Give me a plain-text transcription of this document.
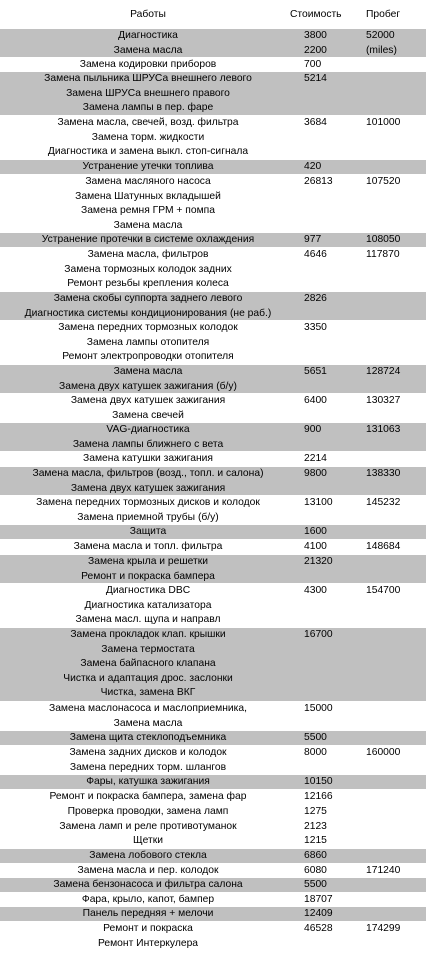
Работы	Стоимость	Пробег
Диагностика	3800	52000
Замена масла	2200	(miles)
Замена кодировки приборов	700
Замена пыльника ШРУСа внешнего левого	5214
Замена ШРУСа внешнего правого
Замена лампы в пер. фаре
Замена масла, свечей, возд. фильтра	3684	101000
Замена торм. жидкости
Диагностика и замена выкл. стоп-сигнала
Устранение утечки топлива	420
Замена масляного насоса	26813	107520
Замена Шатунных вкладышей
Замена ремня ГРМ + помпа
Замена масла
Устранение протечки в системе охлаждения	977	108050
Замена масла, фильтров	4646	117870
Замена тормозных колодок задних
Ремонт резьбы крепления колеса
Замена скобы суппорта заднего левого	2826
Диагностика системы кондиционирования (не раб.)
Замена передних тормозных колодок	3350
Замена лампы отопителя
Ремонт электропроводки отопителя
Замена масла	5651	128724
Замена двух катушек зажигания (б/у)
Замена двух катушек зажигания	6400	130327
Замена свечей
VAG-диагностика	900	131063
Замена лампы ближнего с вета
Замена катушки зажигания	2214
Замена масла, фильтров (возд., топл. и салона)	9800	138330
Замена двух катушек зажигания
Замена передних тормозных дисков и колодок	13100	145232
Замена приемной трубы (б/у)
Защита	1600
Замена масла и топл. фильтра	4100	148684
Замена крыла и решетки	21320
Ремонт и покраска бампера
Диагностика DBC	4300	154700
Диагностика катализатора
Замена масл. щупа и направл
Замена прокладок клап. крышки	16700
Замена термостата
Замена байпасного клапана
Чистка и адаптация дрос. заслонки
Чистка, замена ВКГ
Замена маслонасоса и маслоприемника,	15000
Замена масла
Замена щита стеклоподъемника	5500
Замена задних дисков и колодок	8000	160000
Замена передних торм. шлангов
Фары, катушка зажигания	10150
Ремонт и покраска бампера, замена фар	12166
Проверка проводки, замена ламп	1275
Замена ламп и реле противотуманок	2123
Щетки	1215
Замена лобового стекла	6860
Замена масла и пер. колодок	6080	171240
Замена бензонасоса и фильтра салона	5500
Фара, крыло, капот, бампер	18707
Панель передняя + мелочи	12409
Ремонт и покраска	46528	174299
Ремонт Интеркулера
